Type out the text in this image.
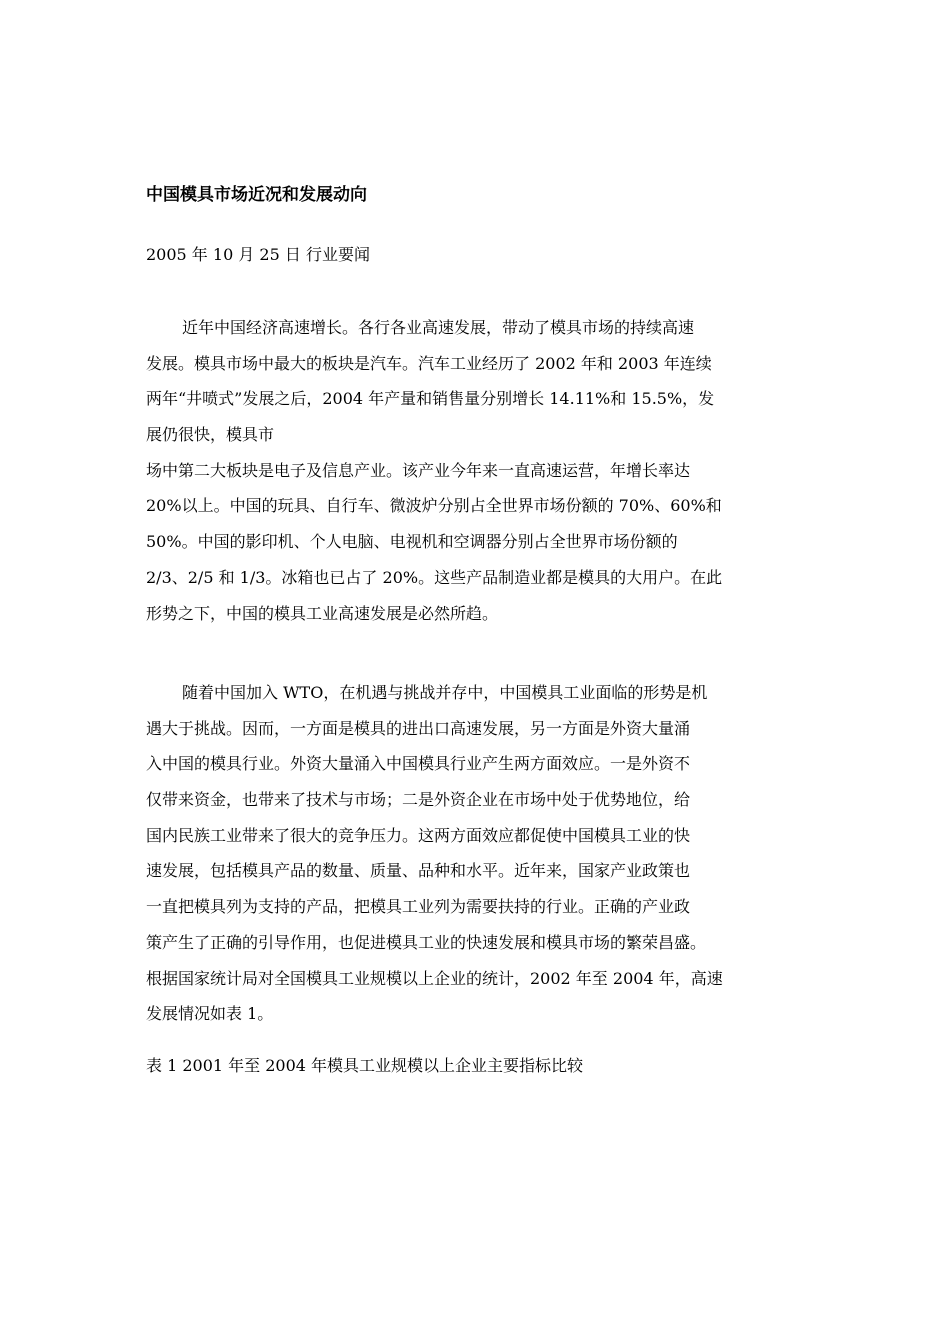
中国模具市场近况和发展动向
2005 年 10 月 25 日 行业要闻
近年中国经济高速增长。各行各业高速发展，带动了模具市场的持续高速
发展。模具市场中最大的板块是汽车。汽车工业经历了 2002 年和 2003 年连续
两年“井喷式”发展之后，2004 年产量和销售量分别增长 14.11%和 15.5%，发
展仍很快，模具市
场中第二大板块是电子及信息产业。该产业今年来一直高速运营，年增长率达
20%以上。中国的玩具、自行车、微波炉分别占全世界市场份额的 70%、60%和
50%。中国的影印机、个人电脑、电视机和空调器分别占全世界市场份额的
2/3、2/5 和 1/3。冰箱也已占了 20%。这些产品制造业都是模具的大用户。在此
形势之下，中国的模具工业高速发展是必然所趋。
随着中国加入 WTO，在机遇与挑战并存中，中国模具工业面临的形势是机
遇大于挑战。因而，一方面是模具的进出口高速发展，另一方面是外资大量涌
入中国的模具行业。外资大量涌入中国模具行业产生两方面效应。一是外资不
仅带来资金，也带来了技术与市场；二是外资企业在市场中处于优势地位，给
国内民族工业带来了很大的竞争压力。这两方面效应都促使中国模具工业的快
速发展，包括模具产品的数量、质量、品种和水平。近年来，国家产业政策也
一直把模具列为支持的产品，把模具工业列为需要扶持的行业。正确的产业政
策产生了正确的引导作用，也促进模具工业的快速发展和模具市场的繁荣昌盛。
根据国家统计局对全国模具工业规模以上企业的统计，2002 年至 2004 年，高速
发展情况如表 1。
表 1 2001 年至 2004 年模具工业规模以上企业主要指标比较
